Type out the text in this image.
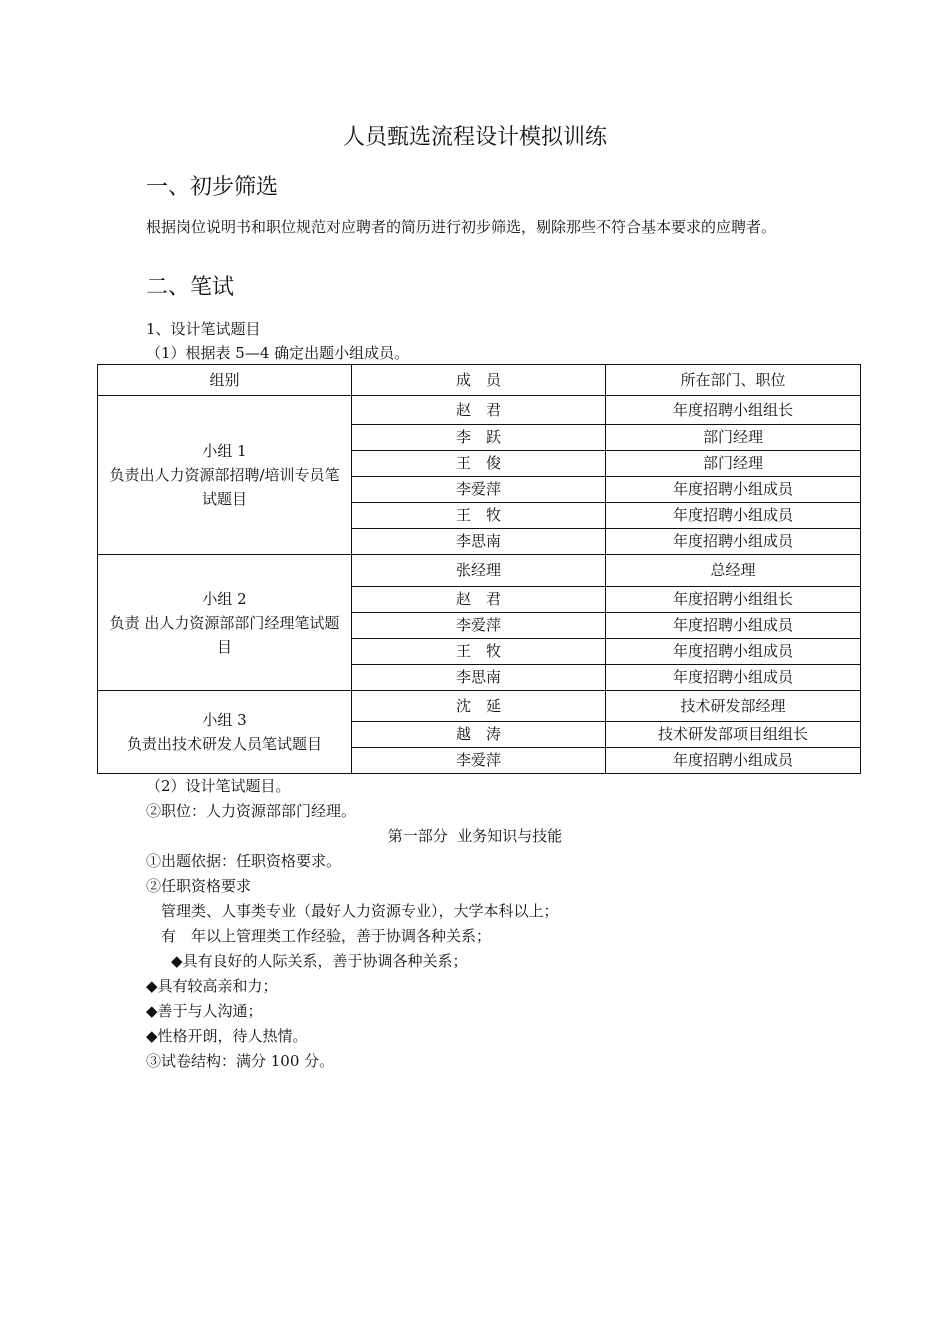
人员甄选流程设计模拟训练
一、初步筛选
根据岗位说明书和职位规范对应聘者的简历进行初步筛选，剔除那些不符合基本要求的应聘者。
二、笔试
1、设计笔试题目
（1）根据表 5—4 确定出题小组成员。
组别	成　员	所在部门、职位

小组 1
负责出人力资源部招聘/培训专员笔试题目	赵　君	年度招聘小组组长
	李　跃	部门经理
	王　俊	部门经理
	李爱萍	年度招聘小组成员
	王　牧	年度招聘小组成员
	李思南	年度招聘小组成员

小组 2
负责 出人力资源部部门经理笔试题目	张经理	总经理
	赵　君	年度招聘小组组长
	李爱萍	年度招聘小组成员
	王　牧	年度招聘小组成员
	李思南	年度招聘小组成员

小组 3
负责出技术研发人员笔试题目	沈　延	技术研发部经理
	越　涛	技术研发部项目组组长
	李爱萍	年度招聘小组成员
（2）设计笔试题目。
②职位：人力资源部部门经理。
第一部分  业务知识与技能
①出题依据：任职资格要求。
②任职资格要求
管理类、人事类专业（最好人力资源专业），大学本科以上；
有　年以上管理类工作经验，善于协调各种关系；
◆具有良好的人际关系，善于协调各种关系；
◆具有较高亲和力；
◆善于与人沟通；
◆性格开朗，待人热情。
③试卷结构：满分 100 分。
